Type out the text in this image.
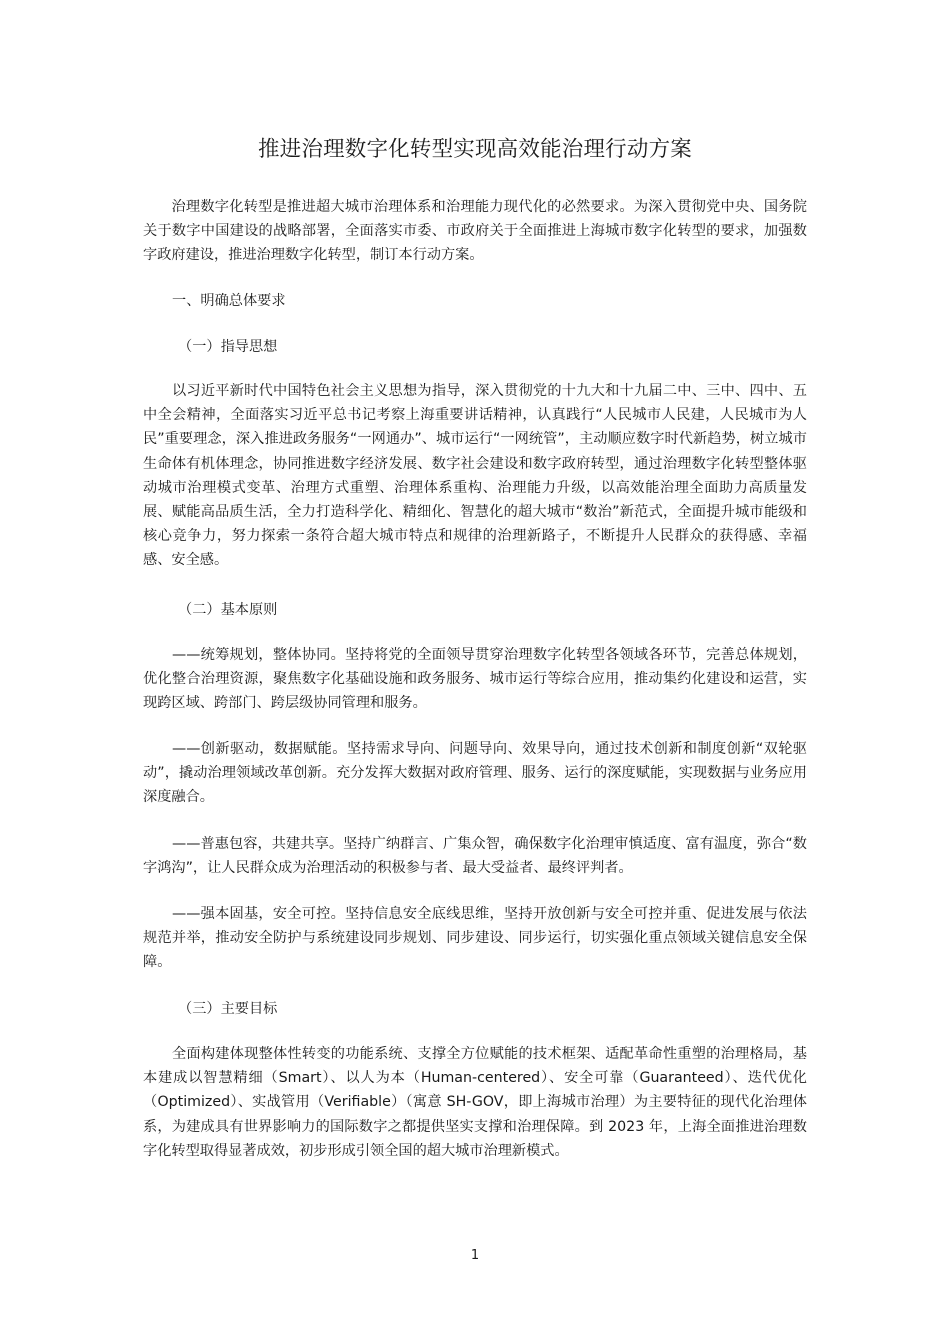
推进治理数字化转型实现高效能治理行动方案

　治理数字化转型是推进超大城市治理体系和治理能力现代化的必然要求。为深入贯彻党中央、国务院关于数字中国建设的战略部署，全面落实市委、市政府关于全面推进上海城市数字化转型的要求，加强数字政府建设，推进治理数字化转型，制订本行动方案。

一、明确总体要求

（一）指导思想

以习近平新时代中国特色社会主义思想为指导，深入贯彻党的十九大和十九届二中、三中、四中、五中全会精神，全面落实习近平总书记考察上海重要讲话精神，认真践行“人民城市人民建，人民城市为人民”重要理念，深入推进政务服务“一网通办”、城市运行“一网统管”，主动顺应数字时代新趋势，树立城市生命体有机体理念，协同推进数字经济发展、数字社会建设和数字政府转型，通过治理数字化转型整体驱动城市治理模式变革、治理方式重塑、治理体系重构、治理能力升级，以高效能治理全面助力高质量发展、赋能高品质生活，全力打造科学化、精细化、智慧化的超大城市“数治”新范式，全面提升城市能级和核心竞争力，努力探索一条符合超大城市特点和规律的治理新路子，不断提升人民群众的获得感、幸福感、安全感。

（二）基本原则

——统筹规划，整体协同。坚持将党的全面领导贯穿治理数字化转型各领域各环节，完善总体规划，优化整合治理资源，聚焦数字化基础设施和政务服务、城市运行等综合应用，推动集约化建设和运营，实现跨区域、跨部门、跨层级协同管理和服务。

——创新驱动，数据赋能。坚持需求导向、问题导向、效果导向，通过技术创新和制度创新“双轮驱动”，撬动治理领域改革创新。充分发挥大数据对政府管理、服务、运行的深度赋能，实现数据与业务应用深度融合。

——普惠包容，共建共享。坚持广纳群言、广集众智，确保数字化治理审慎适度、富有温度，弥合“数字鸿沟”，让人民群众成为治理活动的积极参与者、最大受益者、最终评判者。

——强本固基，安全可控。坚持信息安全底线思维，坚持开放创新与安全可控并重、促进发展与依法规范并举，推动安全防护与系统建设同步规划、同步建设、同步运行，切实强化重点领域关键信息安全保障。

（三）主要目标

全面构建体现整体性转变的功能系统、支撑全方位赋能的技术框架、适配革命性重塑的治理格局，基本建成以智慧精细（Smart）、以人为本（Human-centered）、安全可靠（Guaranteed）、迭代优化（Optimized）、实战管用（Verifiable）（寓意 SH-GOV，即上海城市治理）为主要特征的现代化治理体系，为建成具有世界影响力的国际数字之都提供坚实支撑和治理保障。到 2023 年，上海全面推进治理数字化转型取得显著成效，初步形成引领全国的超大城市治理新模式。

1
